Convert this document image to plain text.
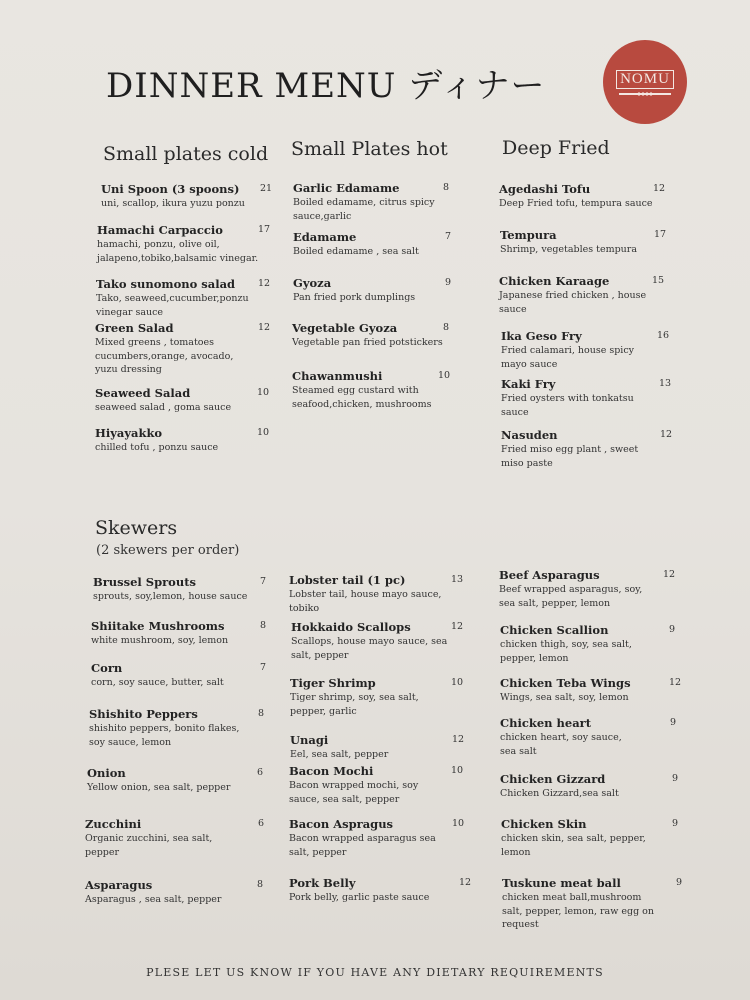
DINNER MENU ディナー	NOMU
Small plates cold Small Plates hot	Deep Fried
Skewers
(2 skewers per order)
Uni Spoon (3 spoons)
uni, scallop, ikura yuzu ponzu
21
Hamachi Carpaccio
hamachi, ponzu, olive oil,
jalapeno,tobiko,balsamic vinegar.
17
Tako sunomono salad
Tako, seaweed,cucumber,ponzu
vinegar sauce
12
Green Salad
Mixed greens , tomatoes
cucumbers,orange, avocado,
yuzu dressing
12
Seaweed Salad
seaweed salad , goma sauce
10
Hiyayakko
chilled tofu , ponzu sauce
10
Garlic Edamame
Boiled edamame, citrus spicy
sauce,garlic
8
Edamame
Boiled edamame , sea salt
7
Gyoza
Pan fried pork dumplings
9
Vegetable Gyoza
Vegetable pan fried potstickers
8
Chawanmushi
Steamed egg custard with
seafood,chicken, mushrooms
10
Agedashi Tofu
Deep Fried tofu, tempura sauce
12
Tempura
Shrimp, vegetables tempura
17
Chicken Karaage
Japanese fried chicken , house
sauce
15
Ika Geso Fry
Fried calamari, house spicy
mayo sauce
16
Kaki Fry
Fried oysters with tonkatsu
sauce
13
Nasuden
Fried miso egg plant , sweet
miso paste
12
Brussel Sprouts
sprouts, soy,lemon, house sauce
7
Shiitake Mushrooms
white mushroom, soy, lemon
8
Corn
corn, soy sauce, butter, salt
7
Shishito Peppers
shishito peppers, bonito flakes,
soy sauce, lemon
8
Onion
Yellow onion, sea salt, pepper
6
Zucchini
Organic zucchini, sea salt,
pepper
6
Asparagus
Asparagus , sea salt, pepper
8
Lobster tail (1 pc)
Lobster tail, house mayo sauce,
tobiko
13
Hokkaido Scallops
Scallops, house mayo sauce, sea
salt, pepper
12
Tiger Shrimp
Tiger shrimp, soy, sea salt,
pepper, garlic
10
Unagi
Eel, sea salt, pepper
12
Bacon Mochi
Bacon wrapped mochi, soy
sauce, sea salt, pepper
10
Bacon Aspragus
Bacon wrapped asparagus sea
salt, pepper
10
Pork Belly
Pork belly, garlic paste sauce
12
Beef Asparagus
Beef wrapped asparagus, soy,
sea salt, pepper, lemon
12
Chicken Scallion
chicken thigh, soy, sea salt,
pepper, lemon
9
Chicken Teba Wings
Wings, sea salt, soy, lemon
12
Chicken heart
chicken heart, soy sauce,
sea salt
9
Chicken Gizzard
Chicken Gizzard,sea salt
9
Chicken Skin
chicken skin, sea salt, pepper,
lemon
9
Tuskune meat ball
chicken meat ball,mushroom
salt, pepper, lemon, raw egg on
request
9
PLESE LET US KNOW IF YOU HAVE ANY DIETARY REQUIREMENTS
